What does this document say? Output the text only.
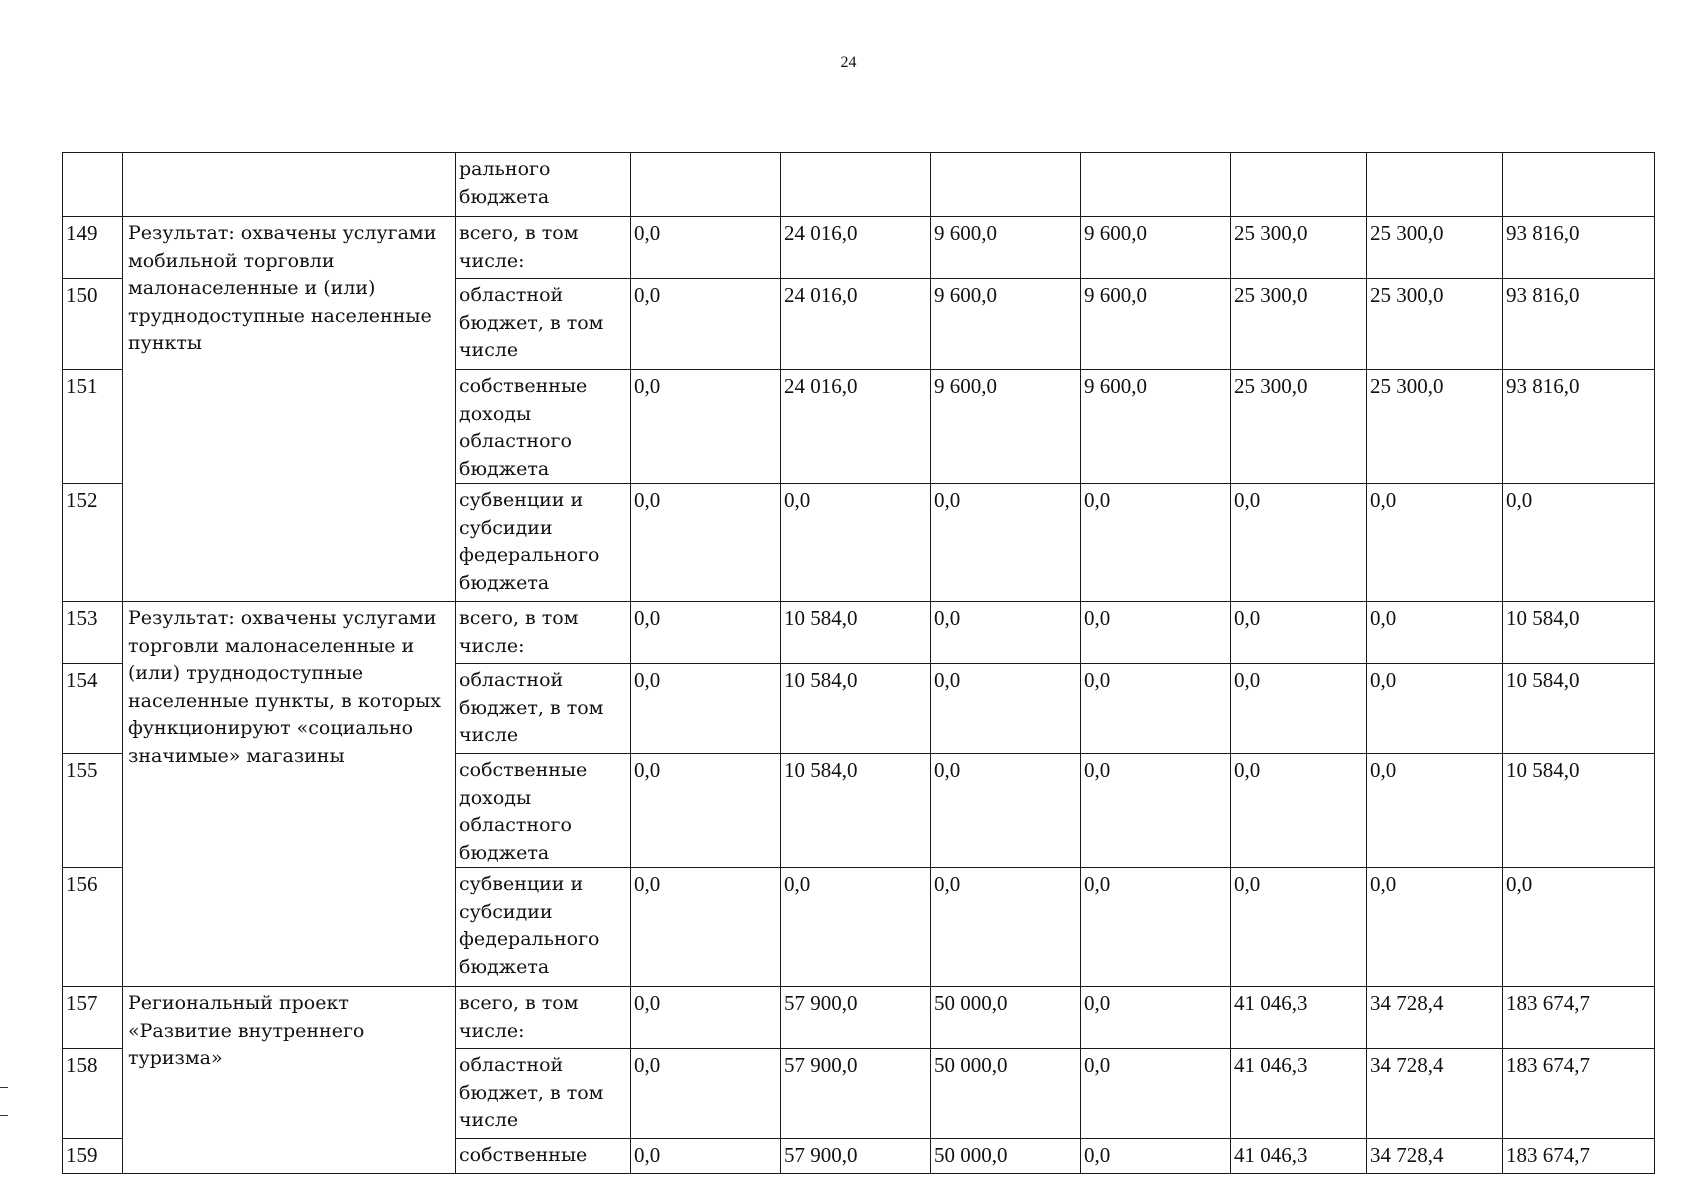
24
		рального бюджета							
149	Результат: охвачены услугами мобильной торговли малонаселенные и (или) труднодоступные населенные пункты	всего, в том числе:	0,0	24 016,0	9 600,0	9 600,0	25 300,0	25 300,0	93 816,0
150		областной бюджет, в том числе	0,0	24 016,0	9 600,0	9 600,0	25 300,0	25 300,0	93 816,0
151		собственные доходы областного бюджета	0,0	24 016,0	9 600,0	9 600,0	25 300,0	25 300,0	93 816,0
152		субвенции и субсидии федерального бюджета	0,0	0,0	0,0	0,0	0,0	0,0	0,0
153	Результат: охвачены услугами торговли малонаселенные и (или) труднодоступные населенные пункты, в которых функционируют «социально значимые» магазины	всего, в том числе:	0,0	10 584,0	0,0	0,0	0,0	0,0	10 584,0
154		областной бюджет, в том числе	0,0	10 584,0	0,0	0,0	0,0	0,0	10 584,0
155		собственные доходы областного бюджета	0,0	10 584,0	0,0	0,0	0,0	0,0	10 584,0
156		субвенции и субсидии федерального бюджета	0,0	0,0	0,0	0,0	0,0	0,0	0,0
157	Региональный проект «Развитие внутреннего туризма»	всего, в том числе:	0,0	57 900,0	50 000,0	0,0	41 046,3	34 728,4	183 674,7
158		областной бюджет, в том числе	0,0	57 900,0	50 000,0	0,0	41 046,3	34 728,4	183 674,7
159		собственные	0,0	57 900,0	50 000,0	0,0	41 046,3	34 728,4	183 674,7
